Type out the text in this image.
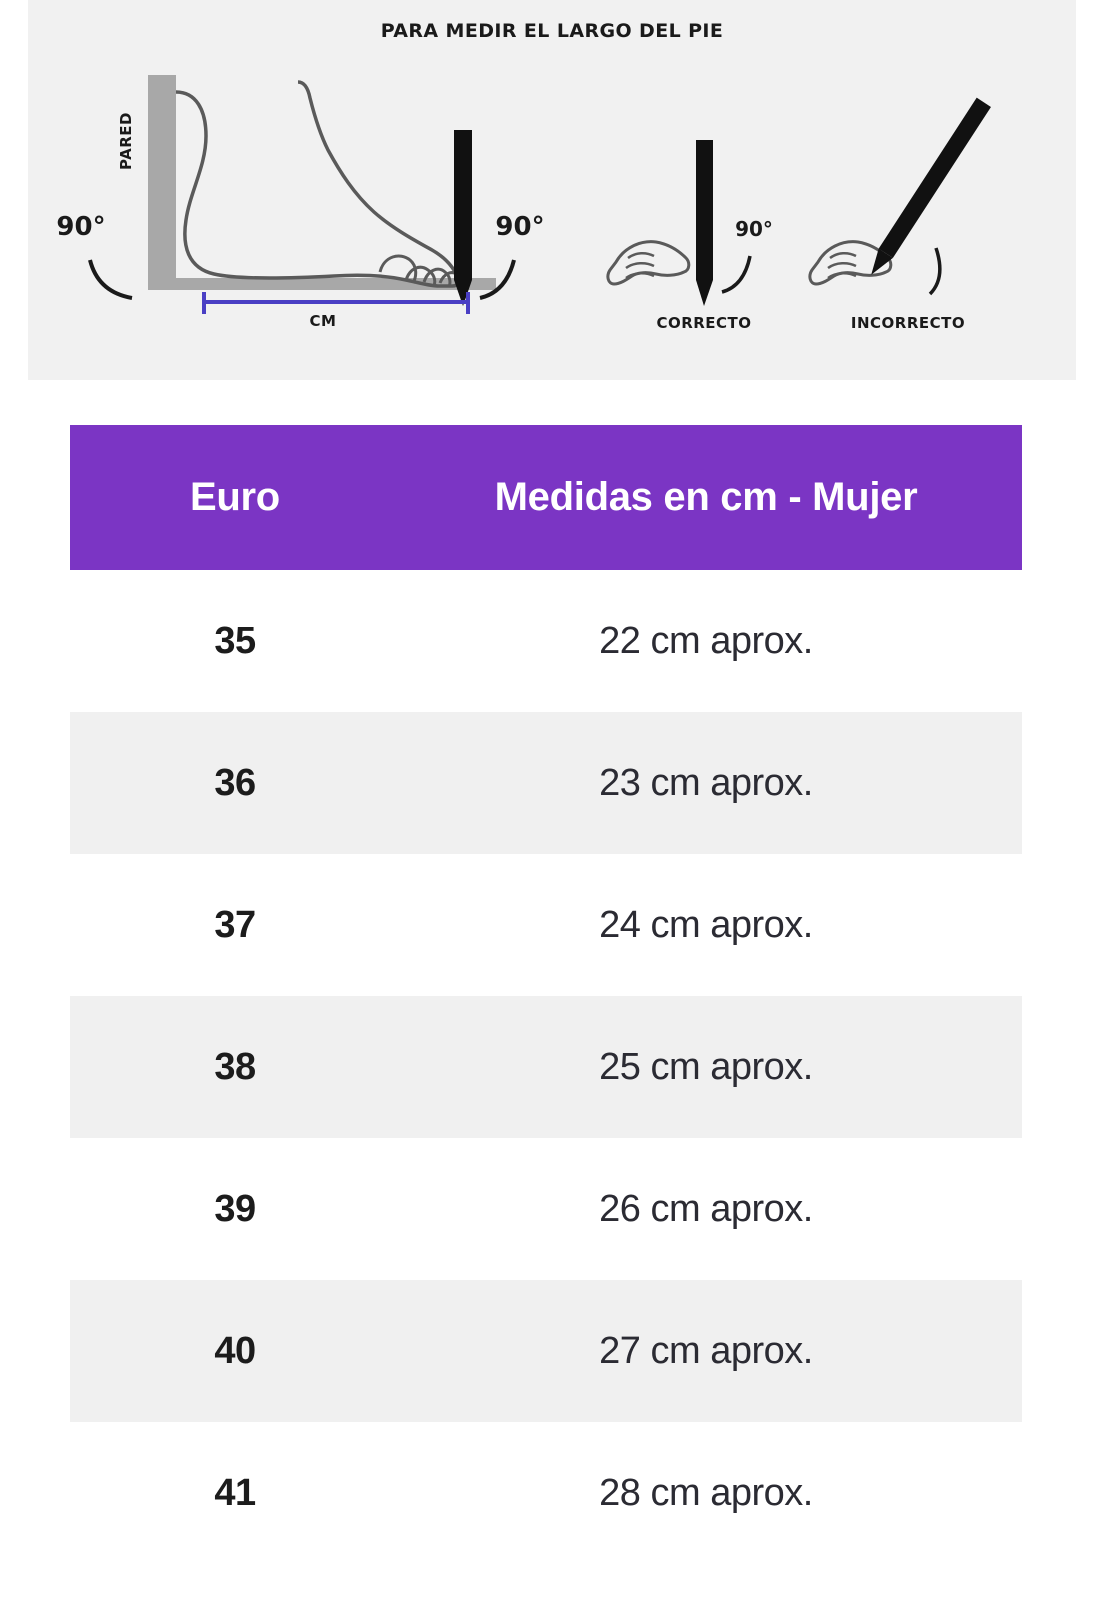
PARA MEDIR EL LARGO DEL PIE
PARED
90°	90°
CM
90°
CORRECTO	INCORRECTO
Euro	Medidas en cm - Mujer
35	22 cm aprox.
36	23 cm aprox.
37	24 cm aprox.
38	25 cm aprox.
39	26 cm aprox.
40	27 cm aprox.
41	28 cm aprox.
